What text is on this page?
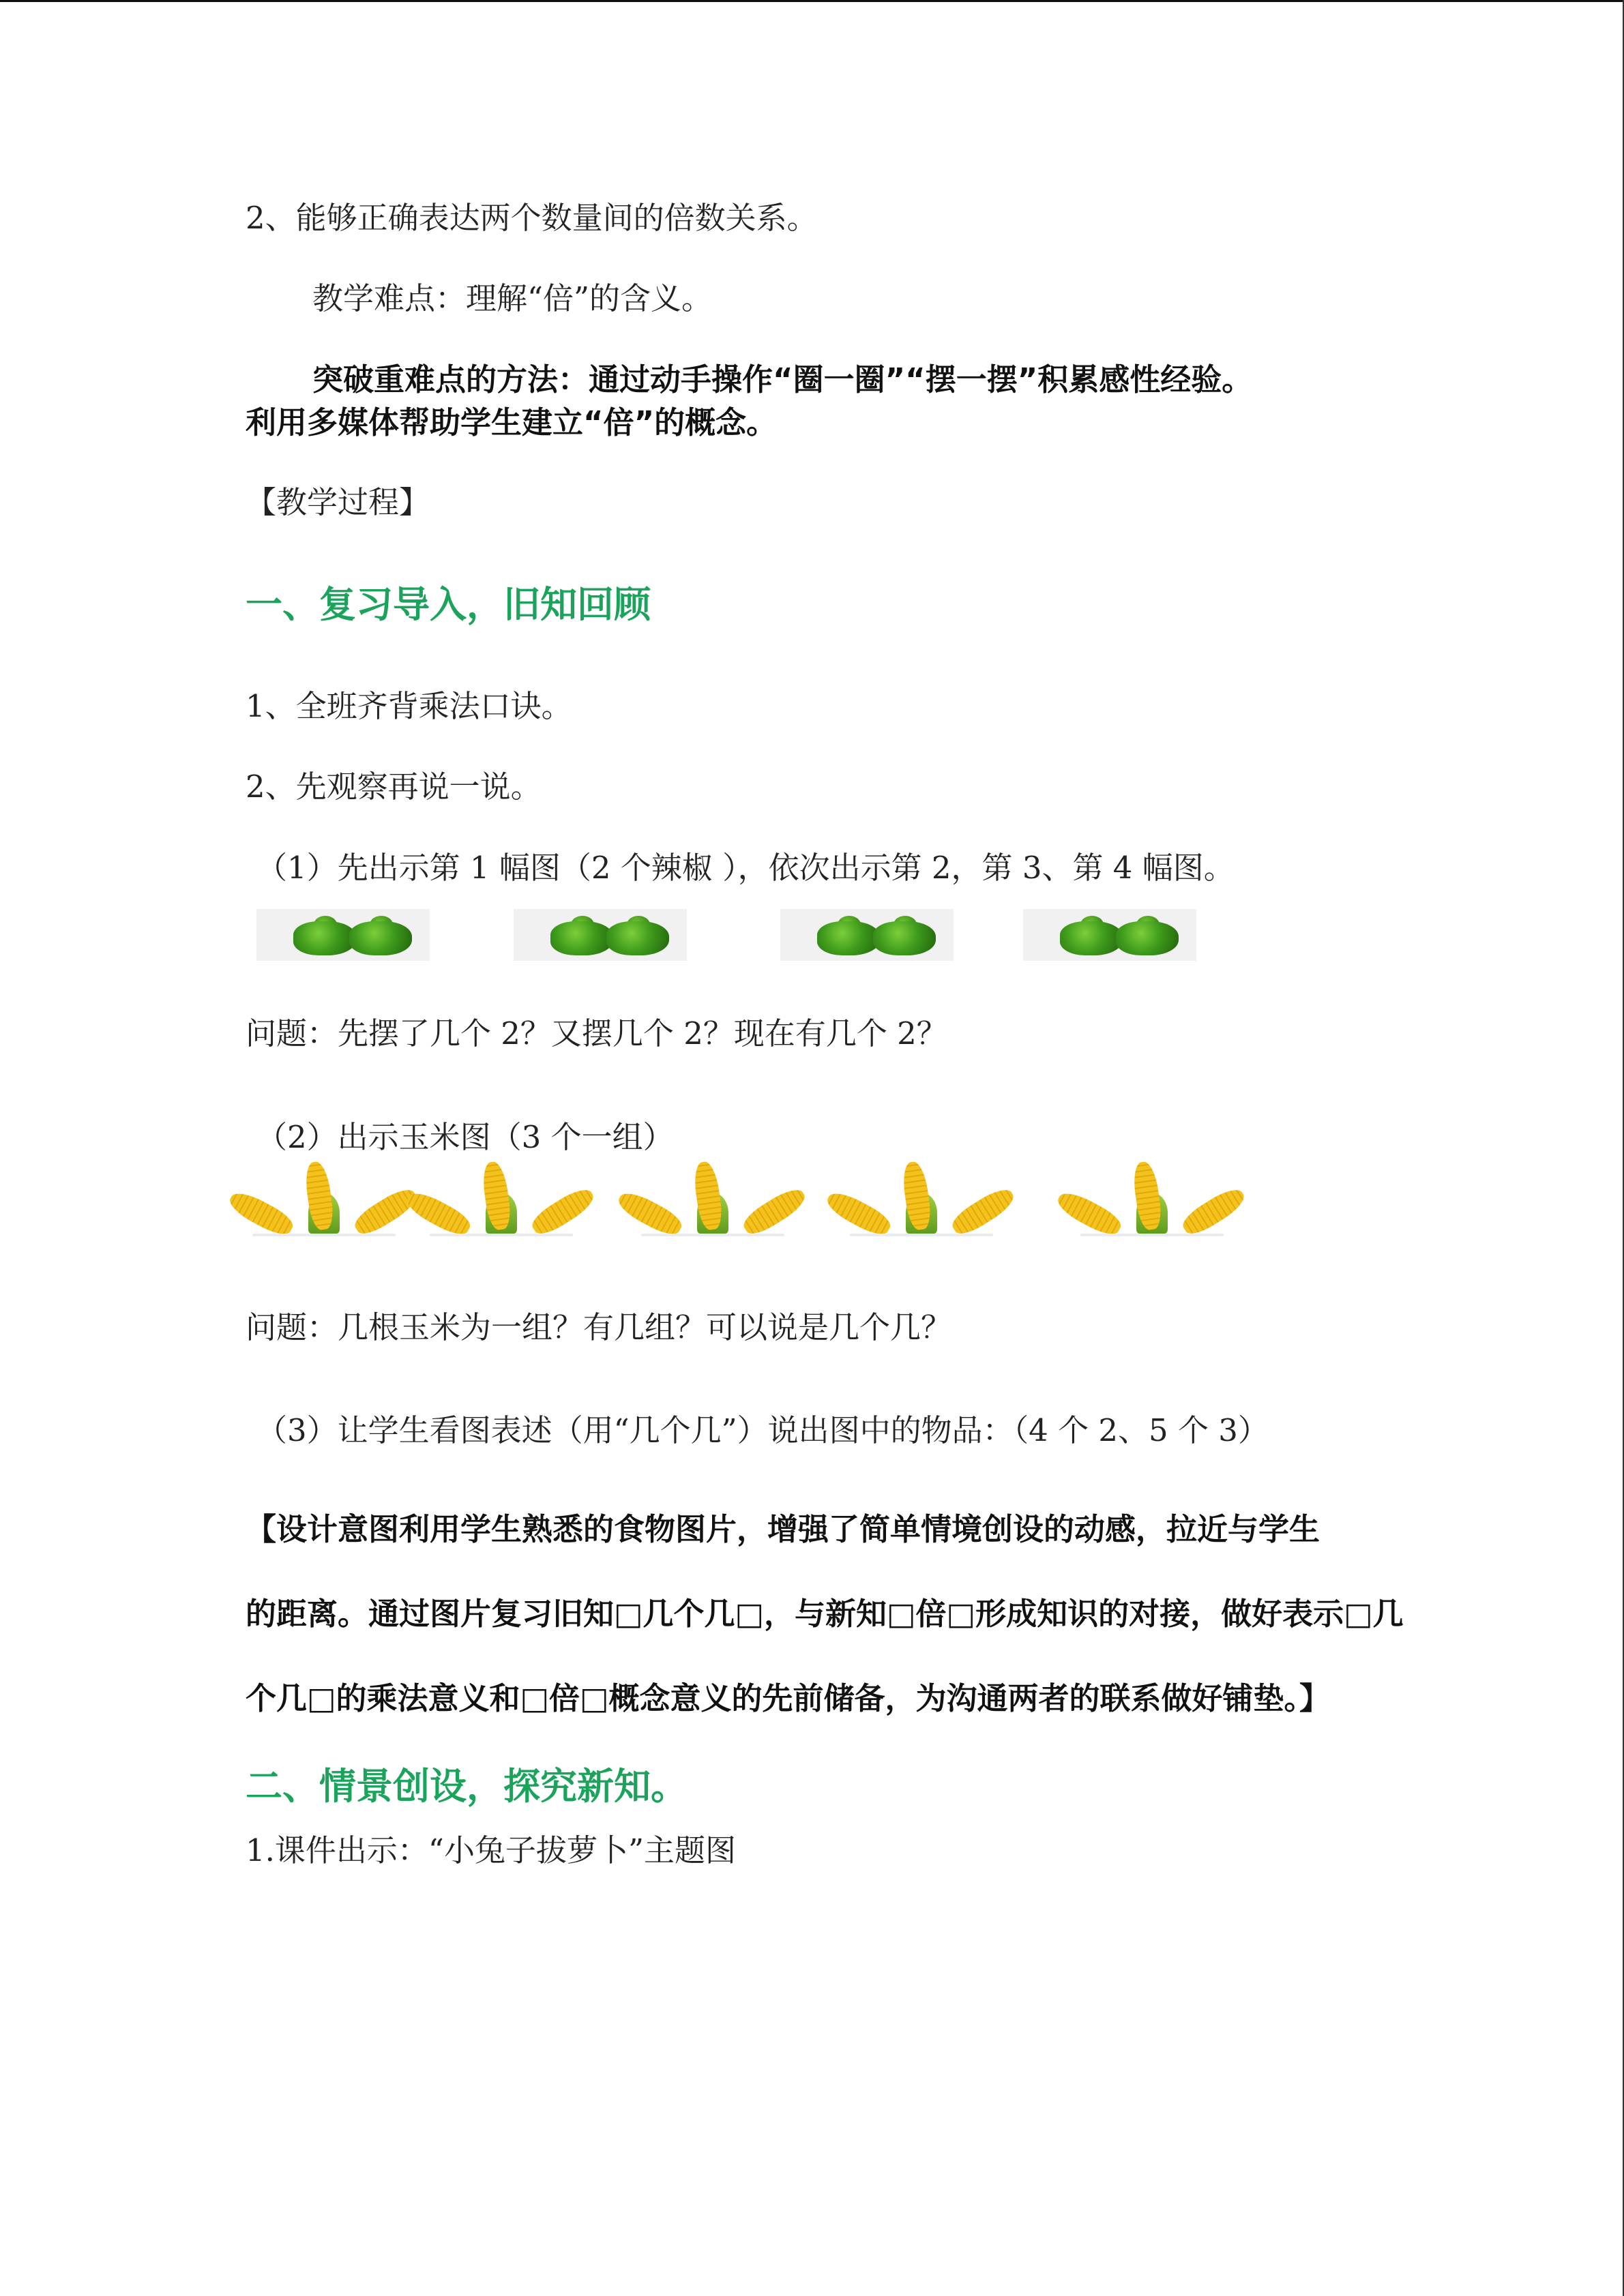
2、能够正确表达两个数量间的倍数关系。
教学难点：理解“倍”的含义。
突破重难点的方法：通过动手操作“圈一圈”“摆一摆”积累感性经验。
利用多媒体帮助学生建立“倍”的概念。
【教学过程】
一、复习导入，旧知回顾
1、全班齐背乘法口诀。
2、先观察再说一说。
（1）先出示第 1 幅图（2 个辣椒 ），依次出示第 2，第 3、第 4 幅图。
问题：先摆了几个 2？又摆几个 2？现在有几个 2？
（2）出示玉米图（3 个一组）
问题：几根玉米为一组？有几组？可以说是几个几？
（3）让学生看图表述（用“几个几”）说出图中的物品：（4 个 2、5 个 3）
【设计意图利用学生熟悉的食物图片，增强了简单情境创设的动感，拉近与学生
的距离。通过图片复习旧知□几个几□，与新知□倍□形成知识的对接，做好表示□几
个几□的乘法意义和□倍□概念意义的先前储备，为沟通两者的联系做好铺垫。】
二、情景创设，探究新知。
1.课件出示：“小兔子拔萝卜”主题图
